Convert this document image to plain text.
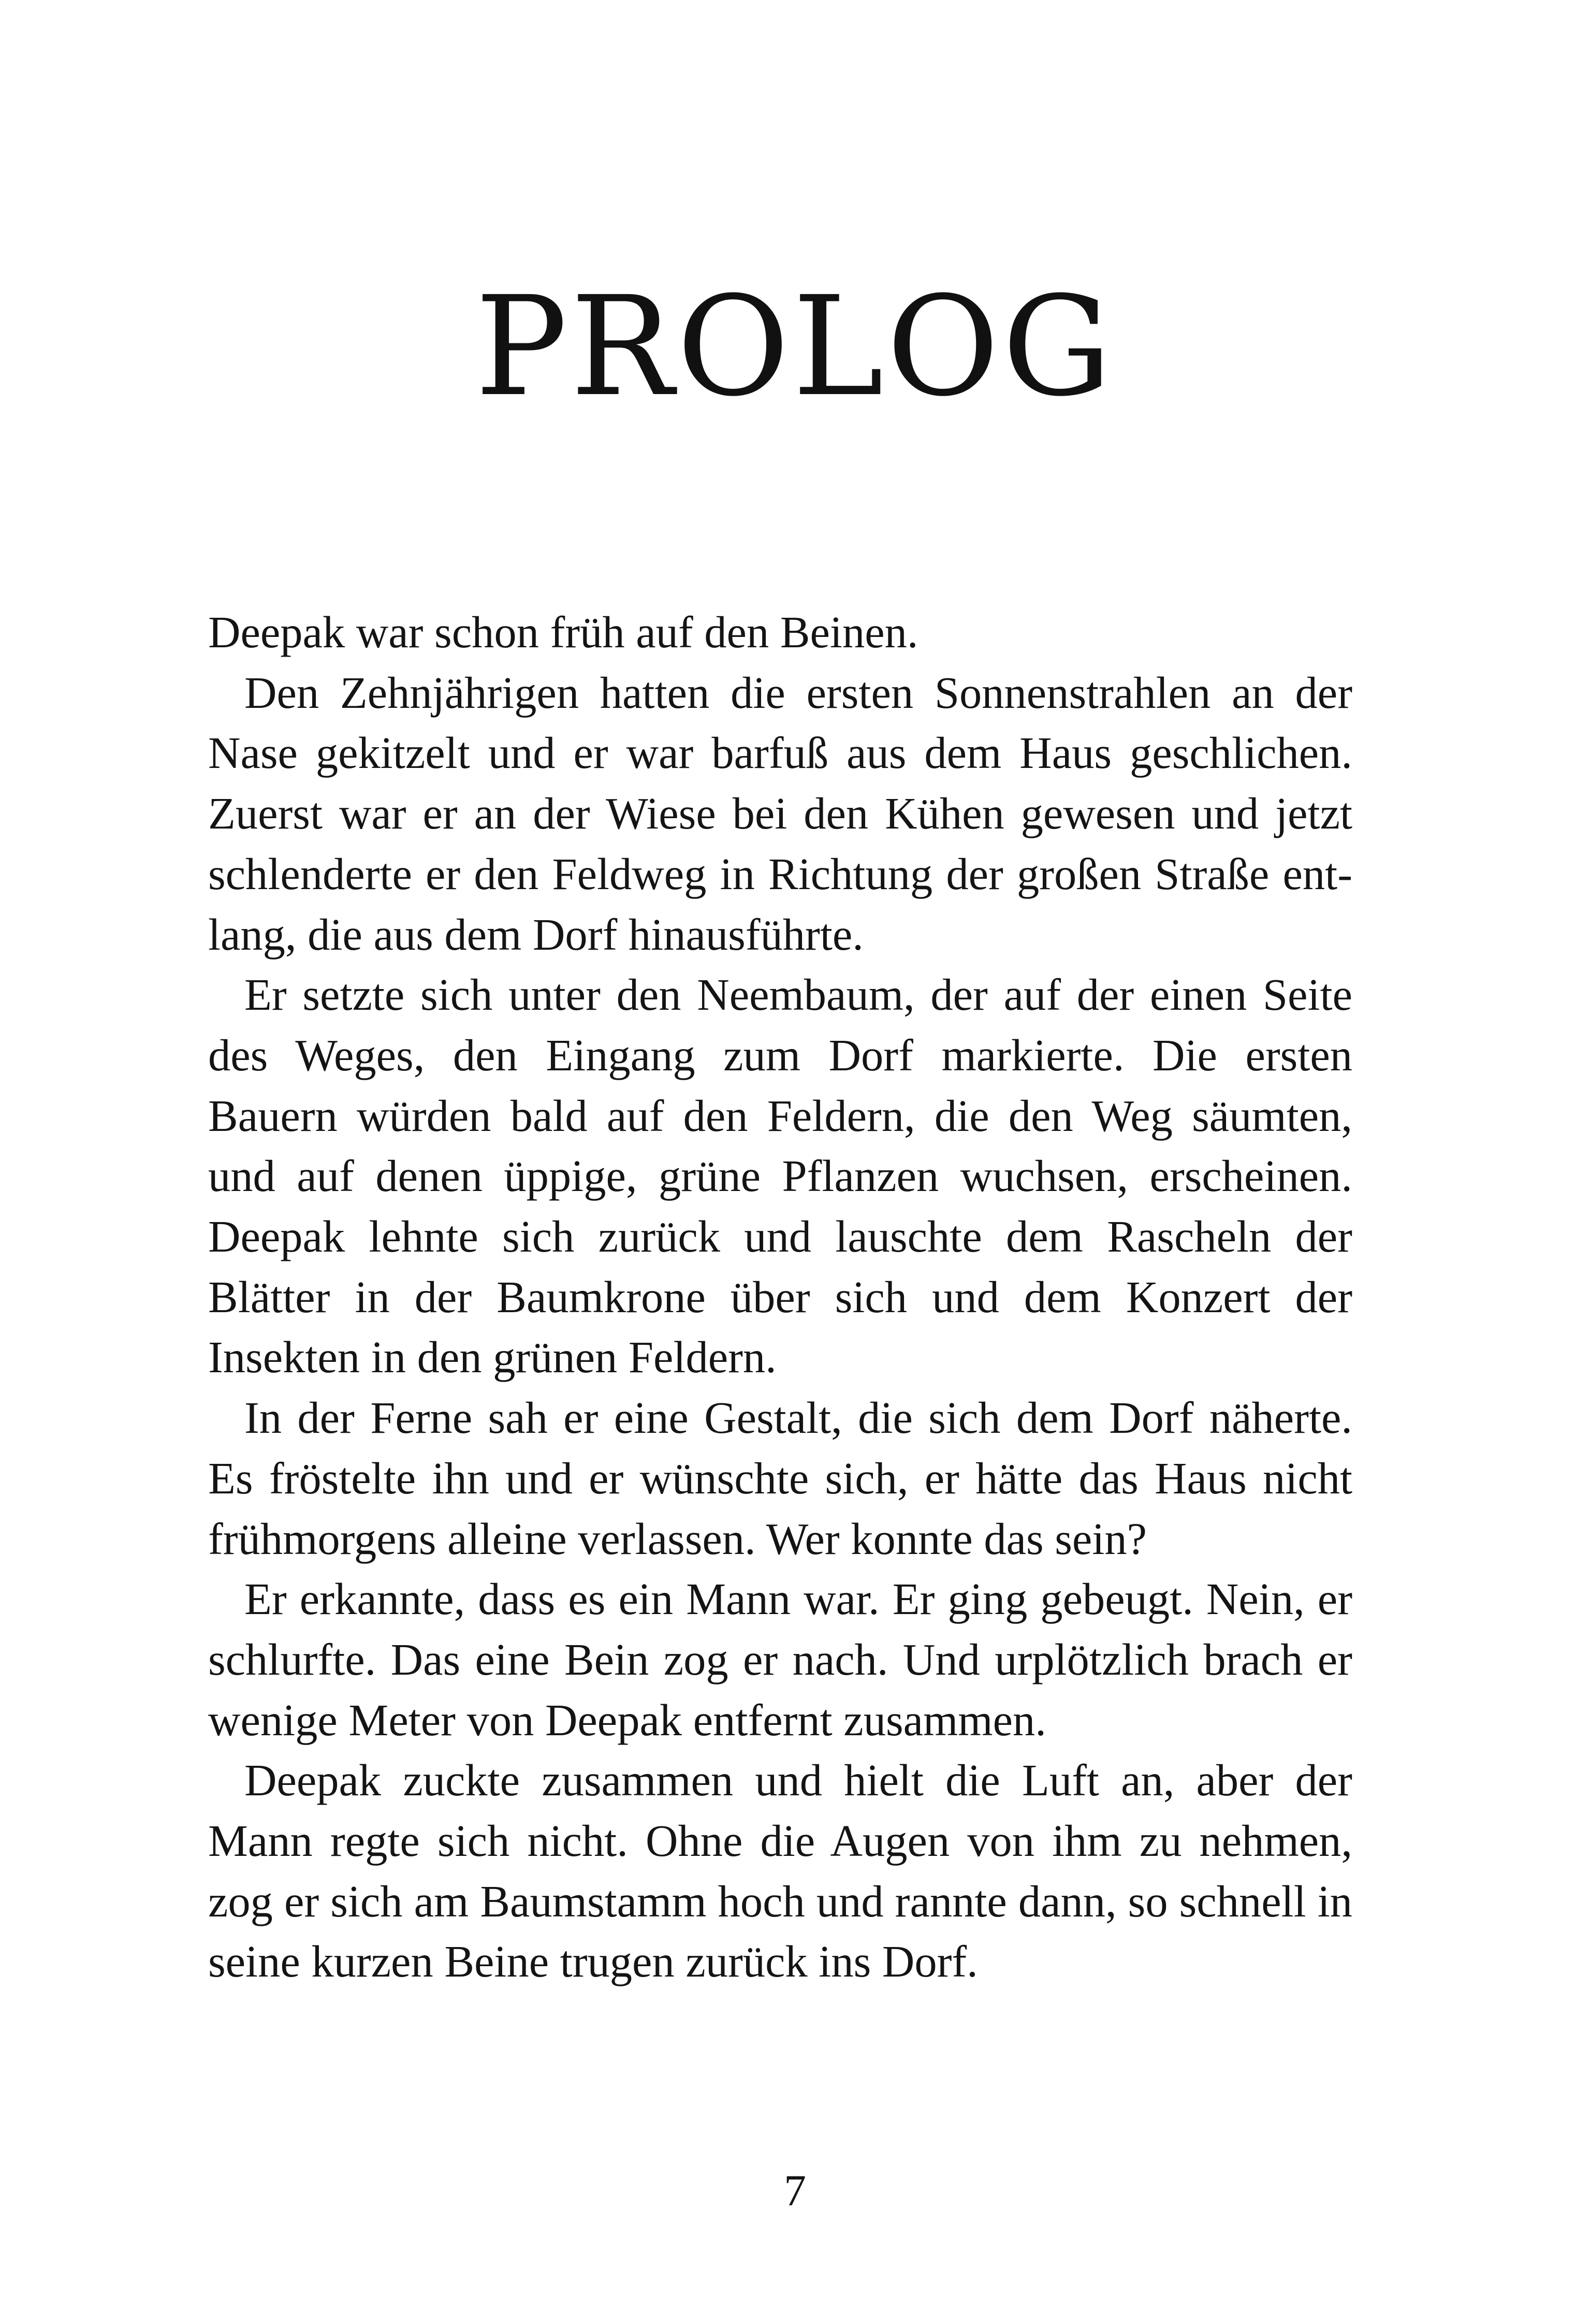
PROLOG

Deepak war schon früh auf den Beinen.

Den Zehnjährigen hatten die ersten Sonnenstrahlen an der Nase gekitzelt und er war barfuß aus dem Haus geschlichen. Zuerst war er an der Wiese bei den Kühen gewesen und jetzt schlenderte er den Feldweg in Richtung der großen Straße entlang, die aus dem Dorf hinausführte.

Er setzte sich unter den Neembaum, der auf der einen Seite des Weges, den Eingang zum Dorf markierte. Die ersten Bauern würden bald auf den Feldern, die den Weg säumten, und auf denen üppige, grüne Pflanzen wuchsen, erscheinen. Deepak lehnte sich zurück und lauschte dem Rascheln der Blätter in der Baumkrone über sich und dem Konzert der Insekten in den grünen Feldern.

In der Ferne sah er eine Gestalt, die sich dem Dorf näherte. Es fröstelte ihn und er wünschte sich, er hätte das Haus nicht frühmorgens alleine verlassen. Wer konnte das sein?

Er erkannte, dass es ein Mann war. Er ging gebeugt. Nein, er schlurfte. Das eine Bein zog er nach. Und urplötzlich brach er wenige Meter von Deepak entfernt zusammen.

Deepak zuckte zusammen und hielt die Luft an, aber der Mann regte sich nicht. Ohne die Augen von ihm zu nehmen, zog er sich am Baumstamm hoch und rannte dann, so schnell in seine kurzen Beine trugen zurück ins Dorf.

7
